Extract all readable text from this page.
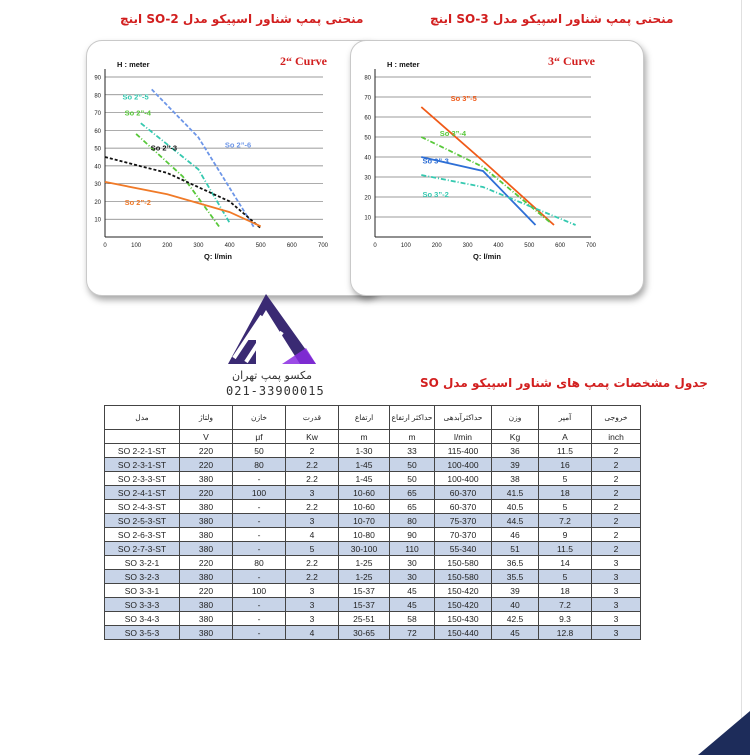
منحنی پمپ شناور اسپیکو مدل SO-2 اینچ	منحنی پمپ شناور اسپیکو مدل SO-3 اینچ
90
80
70
60
50
40
30
20
10
0	100	200	300	400	500	600	700
H : meter
Q: l/min
2“ Curve
So 2”-5
So 2”-4
So 2”-6
So 2”-3
So 2”-2
80
70
60
50
40
30
20
10
0	100	200	300	400	500	600	700
H : meter
Q: l/min
3“ Curve
So 3”-5
So 3”-4
So 3”-3
So 3”-2
مکسو پمپ تهران
021-33900015
جدول مشخصات پمپ های شناور اسپیکو مدل SO
مدل	ولتاژ	خازن	قدرت	ارتفاع	حداکثر ارتفاع	حداکثرآبدهی	وزن	آمپر	خروجی
	V	μf	Kw	m	m	l/min	Kg	A	inch
SO 2-2-1-ST	220	50	2	1-30	33	115-400	36	11.5	2
SO 2-3-1-ST	220	80	2.2	1-45	50	100-400	39	16	2
SO 2-3-3-ST	380	-	2.2	1-45	50	100-400	38	5	2
SO 2-4-1-ST	220	100	3	10-60	65	60-370	41.5	18	2
SO 2-4-3-ST	380	-	2.2	10-60	65	60-370	40.5	5	2
SO 2-5-3-ST	380	-	3	10-70	80	75-370	44.5	7.2	2
SO 2-6-3-ST	380	-	4	10-80	90	70-370	46	9	2
SO 2-7-3-ST	380	-	5	30-100	110	55-340	51	11.5	2
SO 3-2-1	220	80	2.2	1-25	30	150-580	36.5	14	3
SO 3-2-3	380	-	2.2	1-25	30	150-580	35.5	5	3
SO 3-3-1	220	100	3	15-37	45	150-420	39	18	3
SO 3-3-3	380	-	3	15-37	45	150-420	40	7.2	3
SO 3-4-3	380	-	3	25-51	58	150-430	42.5	9.3	3
SO 3-5-3	380	-	4	30-65	72	150-440	45	12.8	3
